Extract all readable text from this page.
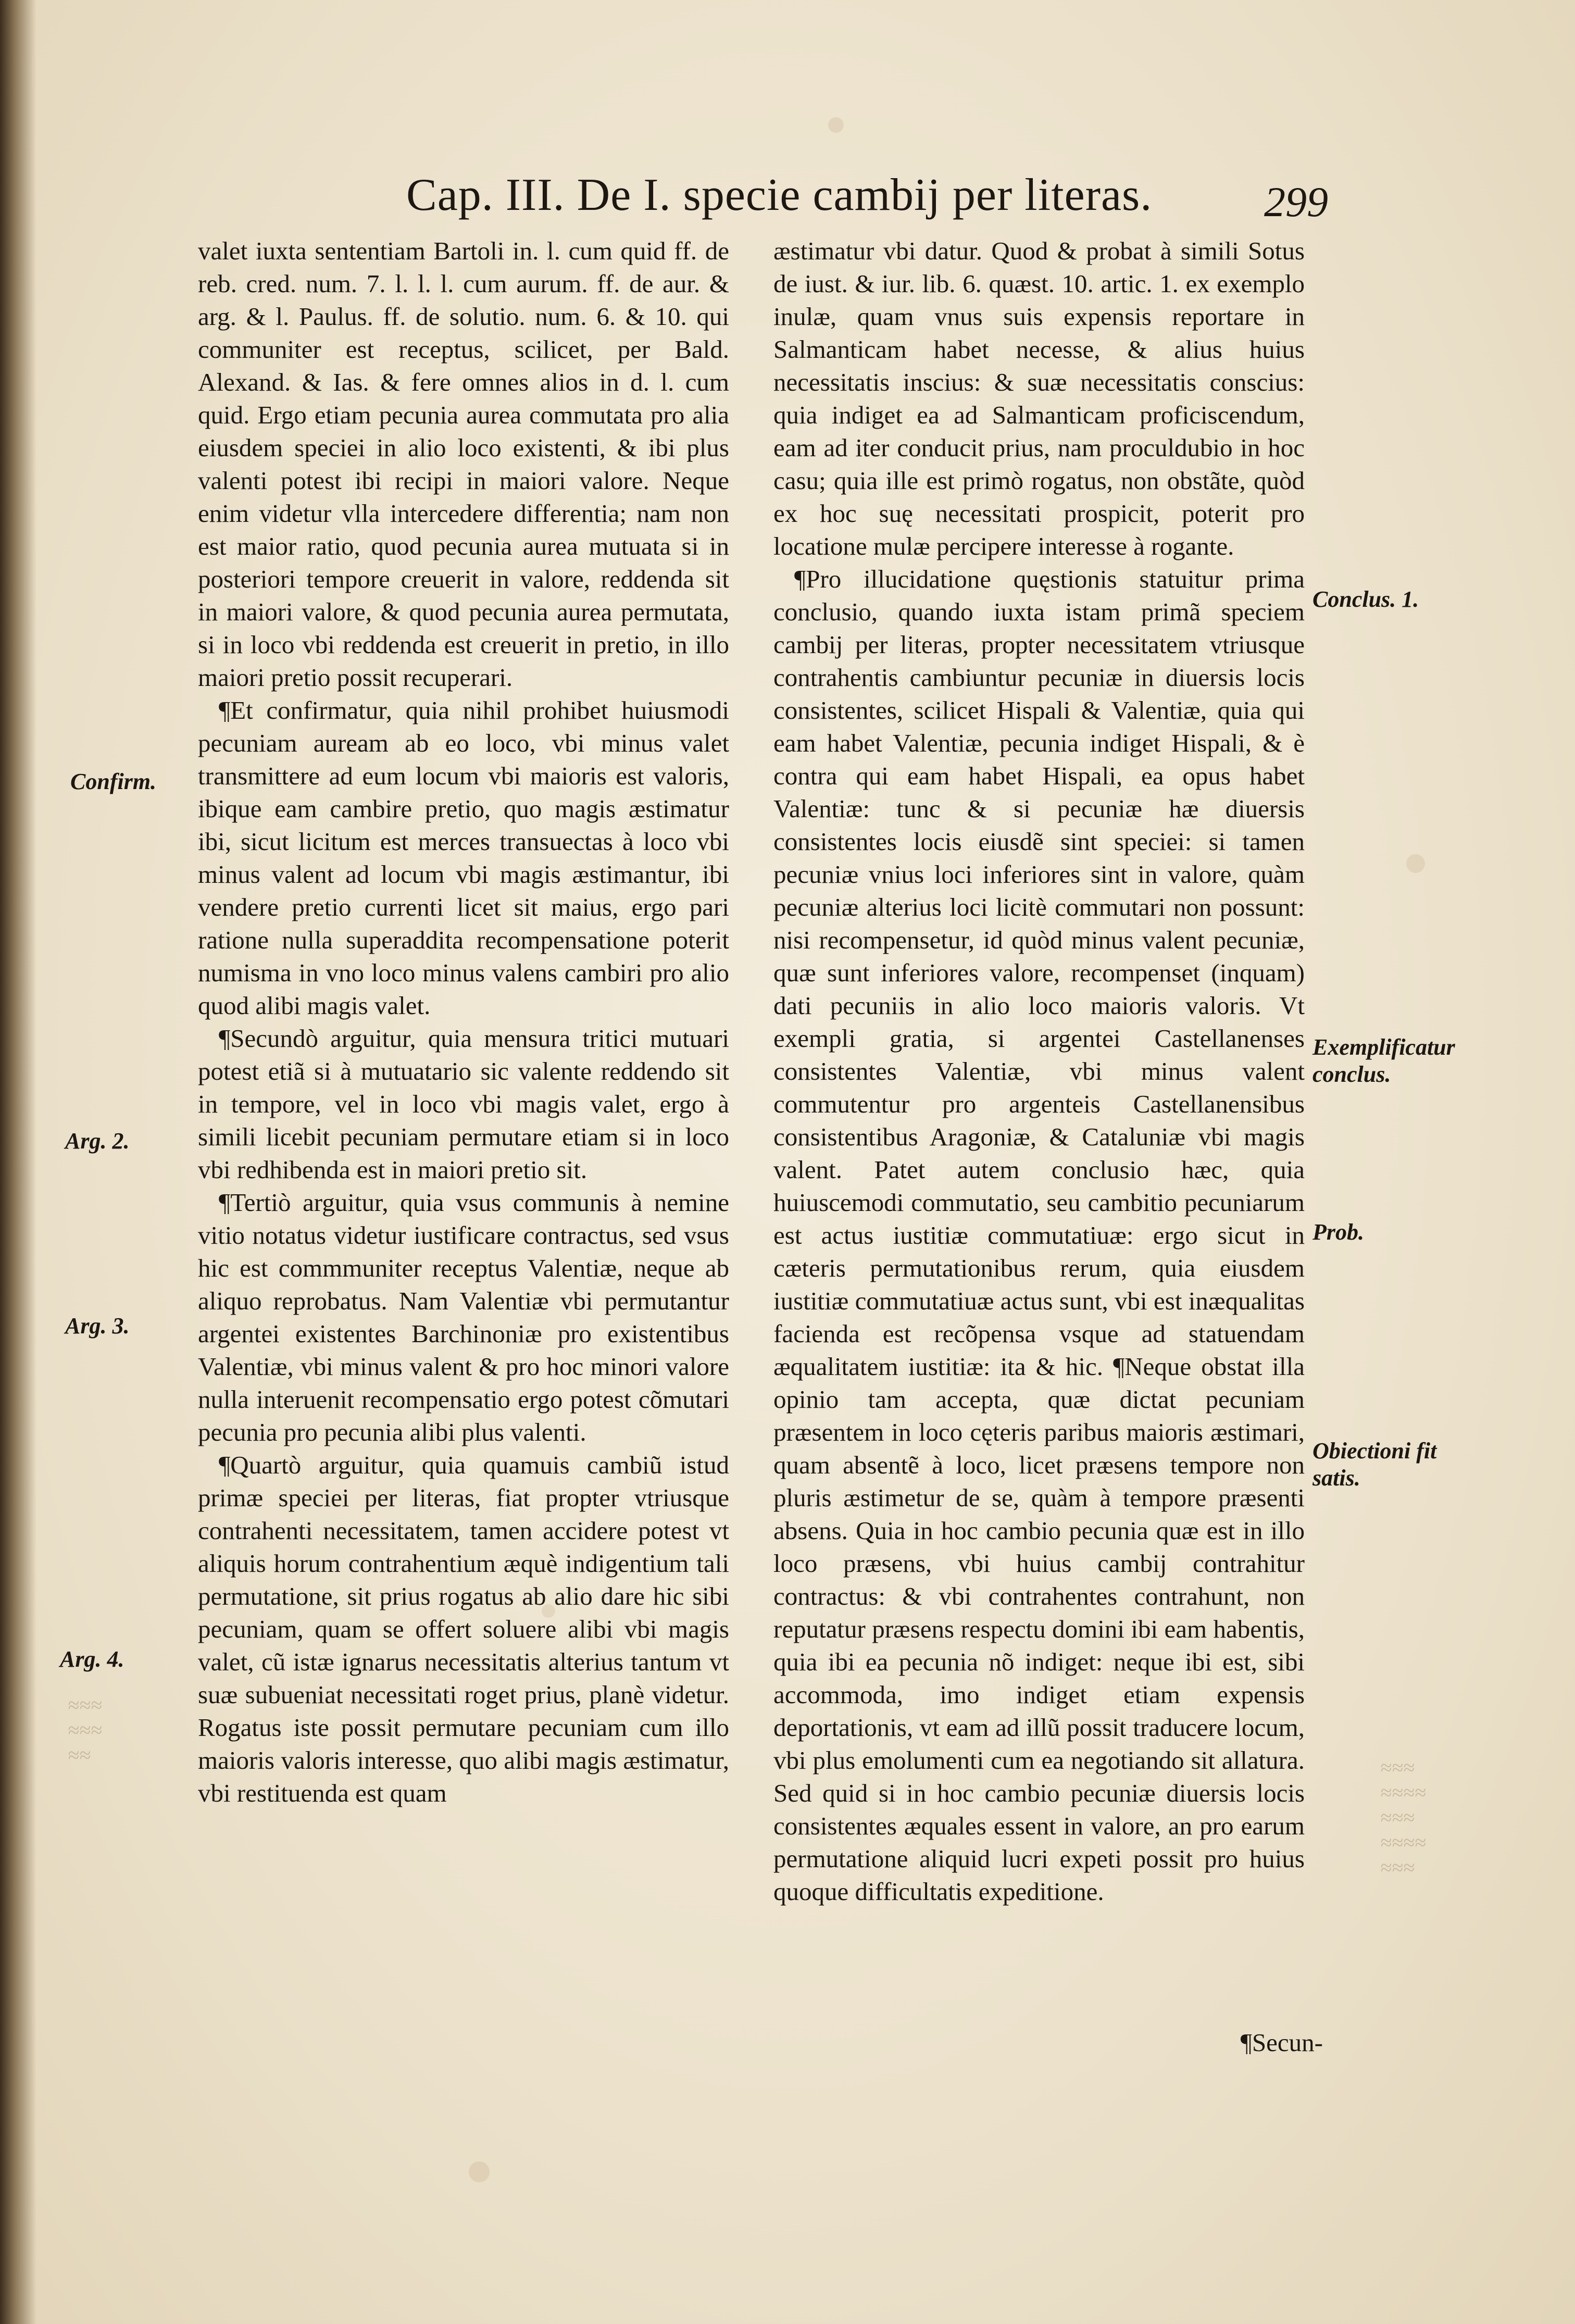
≈≈≈
≈≈≈≈
≈≈≈
≈≈≈≈
≈≈≈
≈≈≈
≈≈≈
≈≈
Cap. III. De I. specie cambij per literas.	299

valet iuxta sententiam Bartoli in. l. cum quid ff. de reb. cred. num. 7. l. l. l. cum aurum. ff. de aur. & arg. & l. Paulus. ff. de solutio. num. 6. & 10. qui communiter est receptus, scilicet, per Bald. Alexand. & Ias. & fere omnes alios in d. l. cum quid. Ergo etiam pecunia aurea commutata pro alia eiusdem speciei in alio loco existenti, & ibi plus valenti potest ibi recipi in maiori valore. Neque enim videtur vlla intercedere differentia; nam non est maior ratio, quod pecunia aurea mutuata si in posteriori tempore creuerit in valore, reddenda sit in maiori valore, & quod pecunia aurea permutata, si in loco vbi reddenda est creuerit in pretio, in illo maiori pretio possit recuperari.

¶Et confirmatur, quia nihil prohibet huiusmodi pecuniam auream ab eo loco, vbi minus valet transmittere ad eum locum vbi maioris est valoris, ibique eam cambire pretio, quo magis æstimatur ibi, sicut licitum est merces transuectas à loco vbi minus valent ad locum vbi magis æstimantur, ibi vendere pretio currenti licet sit maius, ergo pari ratione nulla superaddita recompensatione poterit numisma in vno loco minus valens cambiri pro alio quod alibi magis valet.

¶Secundò arguitur, quia mensura tritici mutuari potest etiã si à mutuatario sic valente reddendo sit in tempore, vel in loco vbi magis valet, ergo à simili licebit pecuniam permutare etiam si in loco vbi redhibenda est in maiori pretio sit.

¶Tertiò arguitur, quia vsus communis à nemine vitio notatus videtur iustificare contractus, sed vsus hic est commmuniter receptus Valentiæ, neque ab aliquo reprobatus. Nam Valentiæ vbi permutantur argentei existentes Barchinoniæ pro existentibus Valentiæ, vbi minus valent & pro hoc minori valore nulla interuenit recompensatio ergo potest cõmutari pecunia pro pecunia alibi plus valenti.

¶Quartò arguitur, quia quamuis cambiũ istud primæ speciei per literas, fiat propter vtriusque contrahenti necessitatem, tamen accidere potest vt aliquis horum contrahentium æquè indigentium tali permutatione, sit prius rogatus ab alio dare hic sibi pecuniam, quam se offert soluere alibi vbi magis valet, cũ istæ ignarus necessitatis alterius tantum vt suæ subueniat necessitati roget prius, planè videtur. Rogatus iste possit permutare pecuniam cum illo maioris valoris interesse, quo alibi magis æstimatur, vbi restituenda est quam

æstimatur vbi datur. Quod & probat à simili Sotus de iust. & iur. lib. 6. quæst. 10. artic. 1. ex exemplo inulæ, quam vnus suis expensis reportare in Salmanticam habet necesse, & alius huius necessitatis inscius: & suæ necessitatis conscius: quia indiget ea ad Salmanticam proficiscendum, eam ad iter conducit prius, nam proculdubio in hoc casu; quia ille est primò rogatus, non obstãte, quòd ex hoc suę necessitati prospicit, poterit pro locatione mulæ percipere interesse à rogante.

¶Pro illucidatione quęstionis statuitur prima conclusio, quando iuxta istam primã speciem cambij per literas, propter necessitatem vtriusque contrahentis cambiuntur pecuniæ in diuersis locis consistentes, scilicet Hispali & Valentiæ, quia qui eam habet Valentiæ, pecunia indiget Hispali, & è contra qui eam habet Hispali, ea opus habet Valentiæ: tunc & si pecuniæ hæ diuersis consistentes locis eiusdẽ sint speciei: si tamen pecuniæ vnius loci inferiores sint in valore, quàm pecuniæ alterius loci licitè commutari non possunt: nisi recompensetur, id quòd minus valent pecuniæ, quæ sunt inferiores valore, recompenset (inquam) dati pecuniis in alio loco maioris valoris. Vt exempli gratia, si argentei Castellanenses consistentes Valentiæ, vbi minus valent commutentur pro argenteis Castellanensibus consistentibus Aragoniæ, & Cataluniæ vbi magis valent. Patet autem conclusio hæc, quia huiuscemodi commutatio, seu cambitio pecuniarum est actus iustitiæ commutatiuæ: ergo sicut in cæteris permutationibus rerum, quia eiusdem iustitiæ commutatiuæ actus sunt, vbi est inæqualitas facienda est recõpensa vsque ad statuendam æqualitatem iustitiæ: ita & hic. ¶Neque obstat illa opinio tam accepta, quæ dictat pecuniam præsentem in loco cęteris paribus maioris æstimari, quam absentẽ à loco, licet præsens tempore non pluris æstimetur de se, quàm à tempore præsenti absens. Quia in hoc cambio pecunia quæ est in illo loco præsens, vbi huius cambij contrahitur contractus: & vbi contrahentes contrahunt, non reputatur præsens respectu domini ibi eam habentis, quia ibi ea pecunia nõ indiget: neque ibi est, sibi accommoda, imo indiget etiam expensis deportationis, vt eam ad illũ possit traducere locum, vbi plus emolumenti cum ea negotiando sit allatura. Sed quid si in hoc cambio pecuniæ diuersis locis consistentes æquales essent in valore, an pro earum permutatione aliquid lucri expeti possit pro huius quoque difficultatis expeditione.

¶Secun-
Confirm.
Arg. 2.
Arg. 3.
Arg. 4.
Conclus. 1.
Exemplificatur conclus.
Prob.
Obiectioni fit satis.
